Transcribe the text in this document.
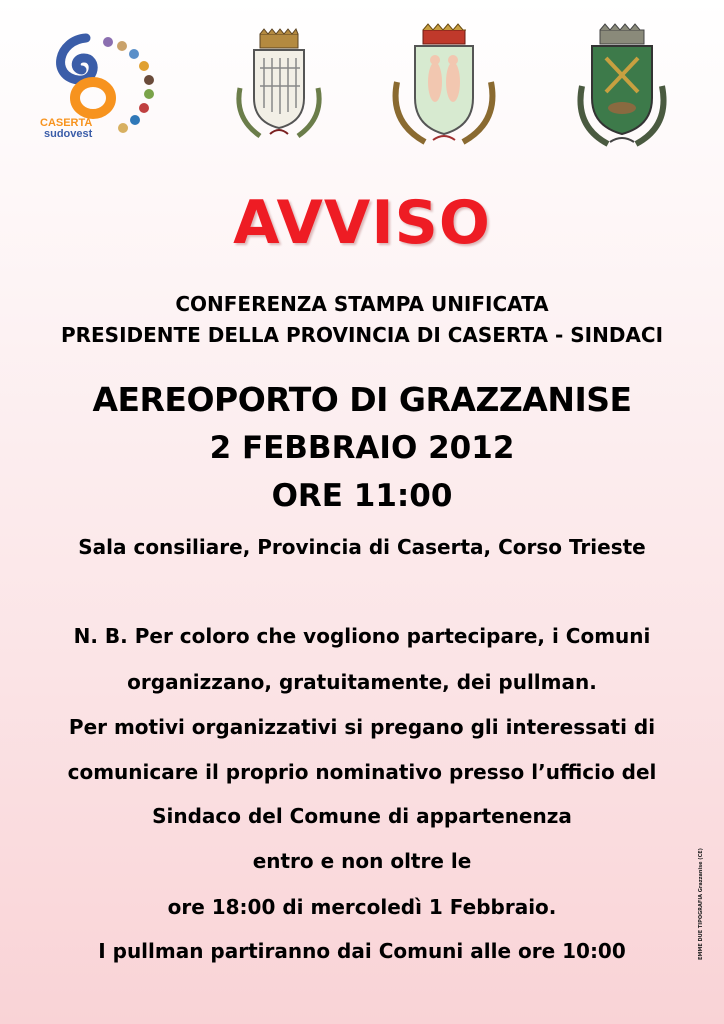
CASERTA
sudovest
AVVISO
CONFERENZA STAMPA UNIFICATA
PRESIDENTE DELLA PROVINCIA DI CASERTA - SINDACI
AEREOPORTO DI GRAZZANISE
2 FEBBRAIO 2012
ORE 11:00
Sala consiliare, Provincia di Caserta, Corso Trieste
N. B. Per coloro che vogliono partecipare, i Comuni
organizzano, gratuitamente, dei pullman.
Per motivi organizzativi si pregano gli interessati di
comunicare il proprio nominativo presso l’ufficio del
Sindaco del Comune di appartenenza
entro e non oltre le
ore 18:00 di mercoledì 1 Febbraio.
I pullman partiranno dai Comuni alle ore 10:00	EMME DUE TIPOGRAFIA Grazzanise (CE)
